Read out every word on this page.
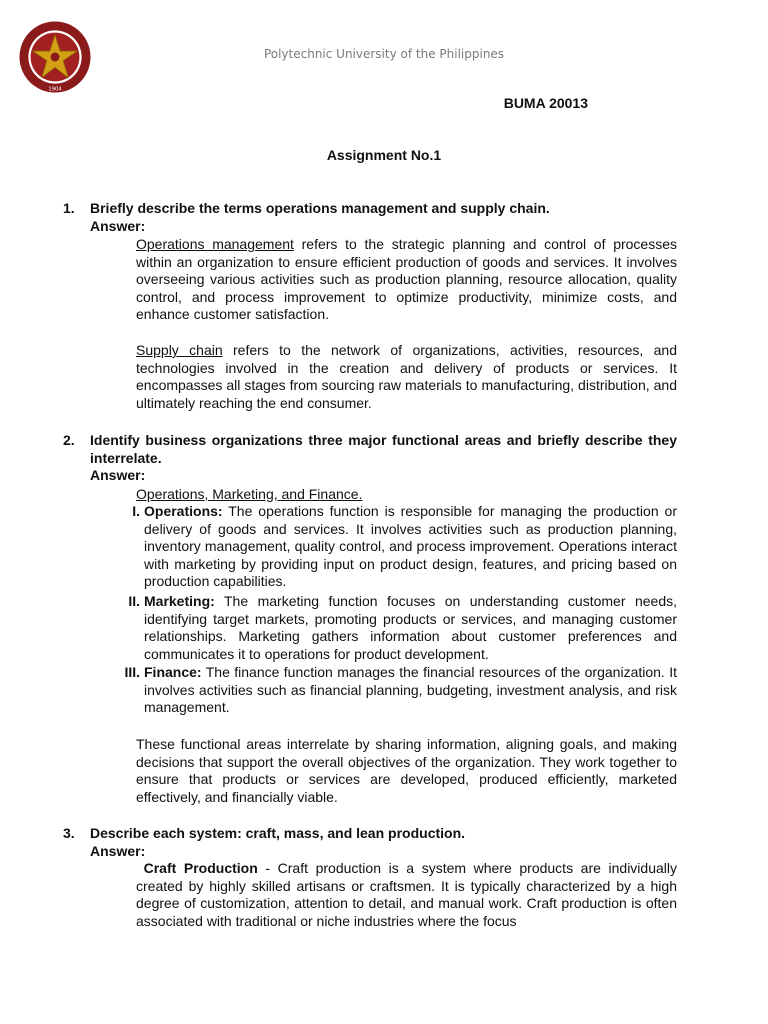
1904
Polytechnic University of the Philippines
BUMA 20013
Assignment No.1
1. Briefly describe the terms operations management and supply chain.
Answer:
Operations management refers to the strategic planning and control of processes within an organization to ensure efficient production of goods and services. It involves overseeing various activities such as production planning, resource allocation, quality control, and process improvement to optimize productivity, minimize costs, and enhance customer satisfaction.
Supply chain refers to the network of organizations, activities, resources, and technologies involved in the creation and delivery of products or services. It encompasses all stages from sourcing raw materials to manufacturing, distribution, and ultimately reaching the end consumer.
2. Identify business organizations three major functional areas and briefly describe they interrelate.
Answer:
Operations, Marketing, and Finance.
I. Operations: The operations function is responsible for managing the production or delivery of goods and services. It involves activities such as production planning, inventory management, quality control, and process improvement. Operations interact with marketing by providing input on product design, features, and pricing based on production capabilities.
II. Marketing: The marketing function focuses on understanding customer needs, identifying target markets, promoting products or services, and managing customer relationships. Marketing gathers information about customer preferences and communicates it to operations for product development.
III. Finance: The finance function manages the financial resources of the organization. It involves activities such as financial planning, budgeting, investment analysis, and risk management.
These functional areas interrelate by sharing information, aligning goals, and making decisions that support the overall objectives of the organization. They work together to ensure that products or services are developed, produced efficiently, marketed effectively, and financially viable.
3. Describe each system: craft, mass, and lean production.
Answer:
Craft Production - Craft production is a system where products are individually created by highly skilled artisans or craftsmen. It is typically characterized by a high degree of customization, attention to detail, and manual work. Craft production is often associated with traditional or niche industries where the focus
